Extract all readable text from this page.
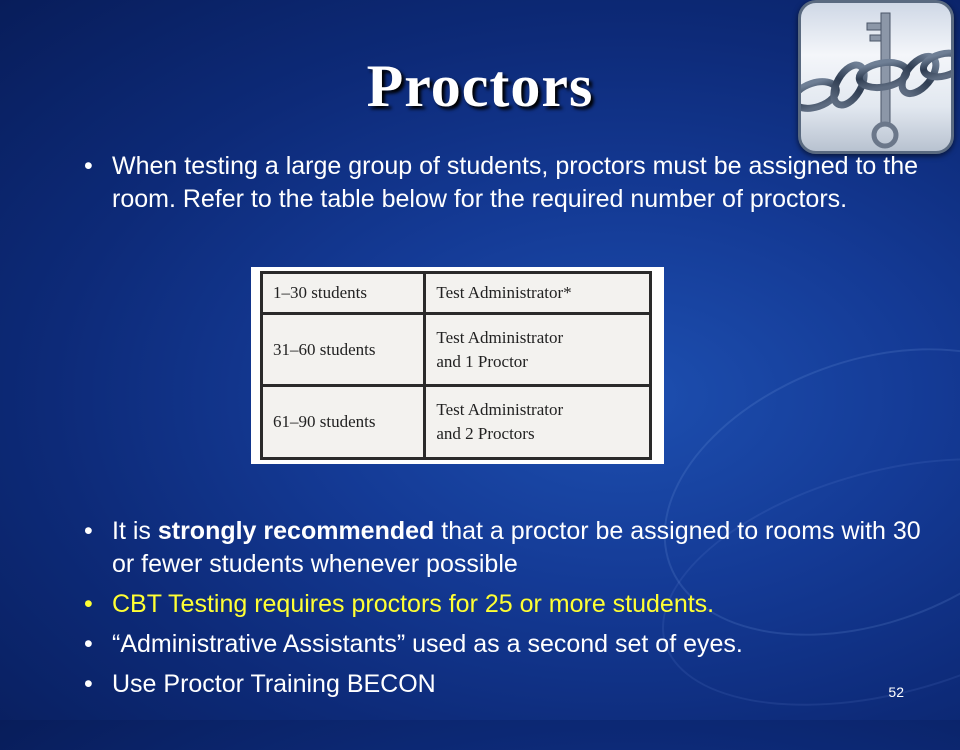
Proctors
• When testing a large group of students, proctors must be assigned to the room. Refer to the table below for the required number of proctors.
1–30 students	Test Administrator*
31–60 students	Test Administrator
and 1 Proctor
61–90 students	Test Administrator
and 2 Proctors
• It is strongly recommended that a proctor be assigned to rooms with 30 or fewer students whenever possible
• CBT Testing requires proctors for 25 or more students.
• “Administrative Assistants” used as a second set of eyes.
• Use Proctor Training BECON	52
